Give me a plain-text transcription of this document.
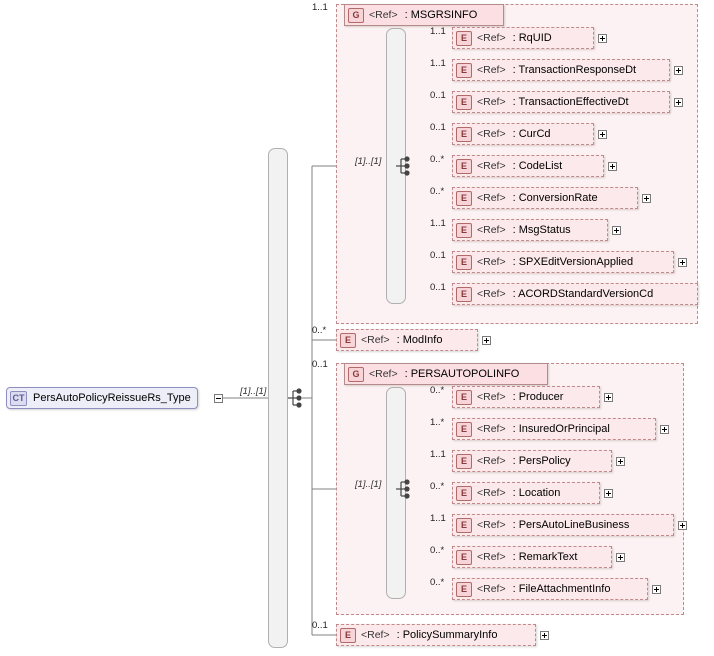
CT PersAutoPolicyReissueRs_Type
[1]..[1]
1..1
G <Ref> : MSGRSINFO
[1]..[1]
1..1
E <Ref> : RqUID
1..1
E <Ref> : TransactionResponseDt
0..1
E <Ref> : TransactionEffectiveDt
0..1
E <Ref> : CurCd
0..*
E <Ref> : CodeList
0..*
E <Ref> : ConversionRate
1..1
E <Ref> : MsgStatus
0..1
E <Ref> : SPXEditVersionApplied
0..1
E <Ref> : ACORDStandardVersionCd
0..*
E <Ref> : ModInfo
0..1
G <Ref> : PERSAUTOPOLINFO
[1]..[1]
0..*
E <Ref> : Producer
1..*
E <Ref> : InsuredOrPrincipal
1..1
E <Ref> : PersPolicy
0..*
E <Ref> : Location
1..1
E <Ref> : PersAutoLineBusiness
0..*
E <Ref> : RemarkText
0..*
E <Ref> : FileAttachmentInfo
0..1
E <Ref> : PolicySummaryInfo
